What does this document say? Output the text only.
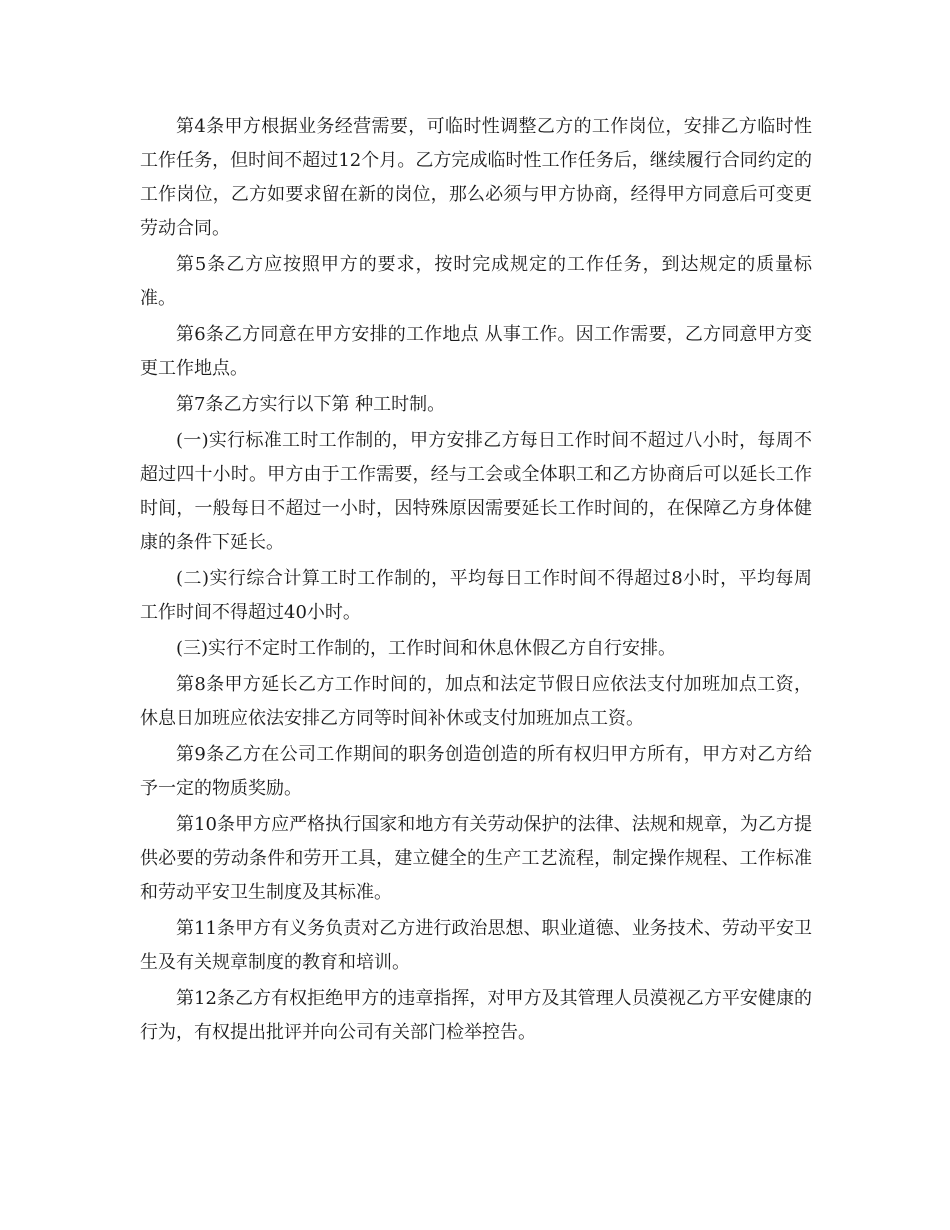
第4条甲方根据业务经营需要，可临时性调整乙方的工作岗位，安排乙方临时性工作任务，但时间不超过12个月。乙方完成临时性工作任务后，继续履行合同约定的工作岗位，乙方如要求留在新的岗位，那么必须与甲方协商，经得甲方同意后可变更劳动合同。

第5条乙方应按照甲方的要求，按时完成规定的工作任务，到达规定的质量标准。

第6条乙方同意在甲方安排的工作地点 从事工作。因工作需要，乙方同意甲方变更工作地点。

第7条乙方实行以下第 种工时制。

(一)实行标准工时工作制的，甲方安排乙方每日工作时间不超过八小时，每周不超过四十小时。甲方由于工作需要，经与工会或全体职工和乙方协商后可以延长工作时间，一般每日不超过一小时，因特殊原因需要延长工作时间的，在保障乙方身体健康的条件下延长。

(二)实行综合计算工时工作制的，平均每日工作时间不得超过8小时，平均每周工作时间不得超过40小时。

(三)实行不定时工作制的，工作时间和休息休假乙方自行安排。

第8条甲方延长乙方工作时间的，加点和法定节假日应依法支付加班加点工资，休息日加班应依法安排乙方同等时间补休或支付加班加点工资。

第9条乙方在公司工作期间的职务创造创造的所有权归甲方所有，甲方对乙方给予一定的物质奖励。

第10条甲方应严格执行国家和地方有关劳动保护的法律、法规和规章，为乙方提供必要的劳动条件和劳开工具，建立健全的生产工艺流程，制定操作规程、工作标准和劳动平安卫生制度及其标准。

第11条甲方有义务负责对乙方进行政治思想、职业道德、业务技术、劳动平安卫生及有关规章制度的教育和培训。

第12条乙方有权拒绝甲方的违章指挥，对甲方及其管理人员漠视乙方平安健康的行为，有权提出批评并向公司有关部门检举控告。
